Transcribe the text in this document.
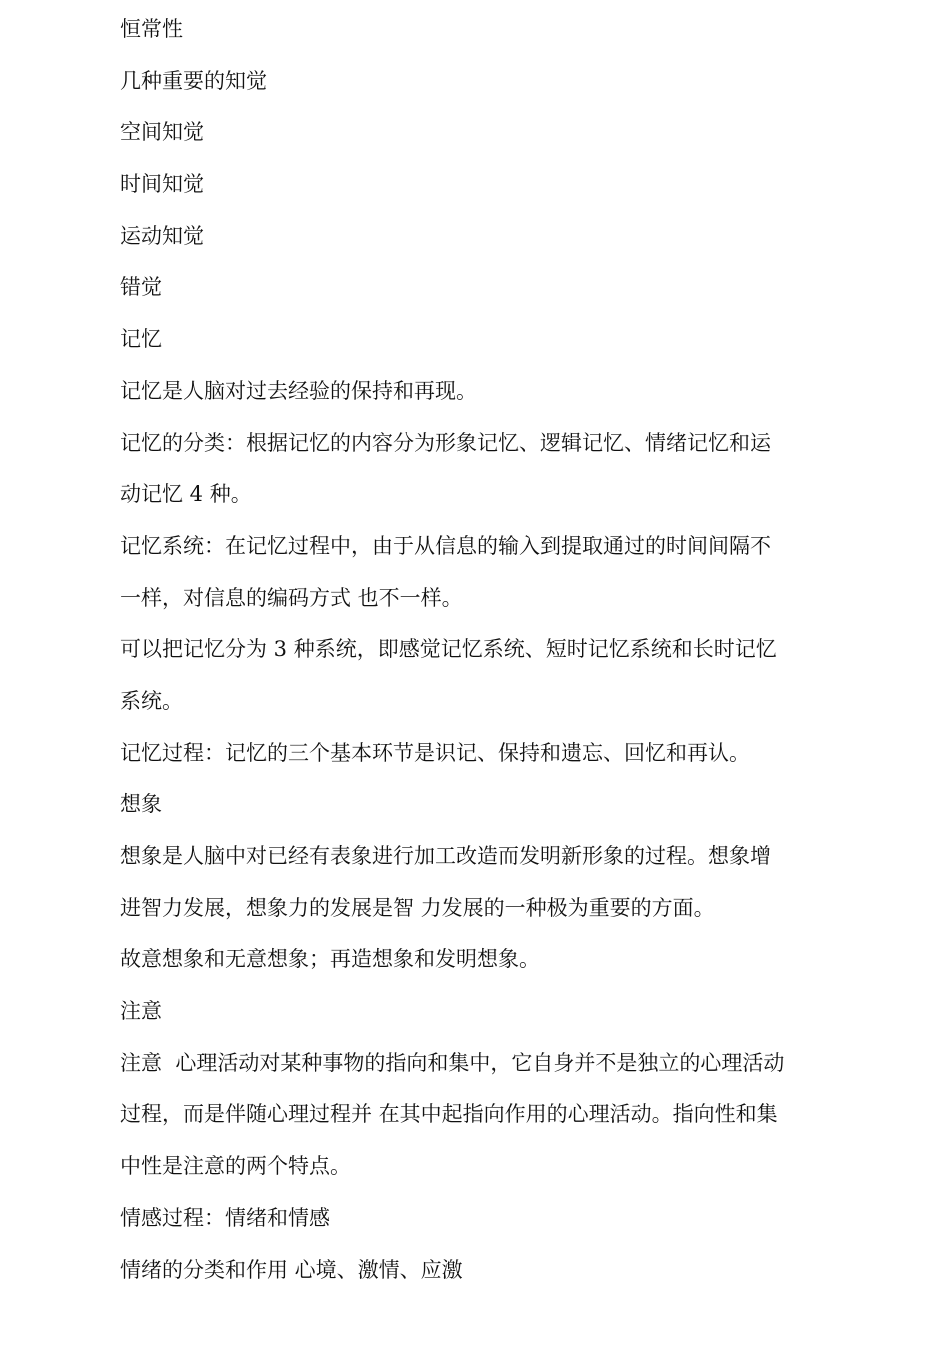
恒常性
几种重要的知觉
空间知觉
时间知觉
运动知觉
错觉
记忆
记忆是人脑对过去经验的保持和再现。
记忆的分类：根据记忆的内容分为形象记忆、逻辑记忆、情绪记忆和运
动记忆 4 种。
记忆系统：在记忆过程中，由于从信息的输入到提取通过的时间间隔不
一样，对信息的编码方式 也不一样。
可以把记忆分为 3 种系统，即感觉记忆系统、短时记忆系统和长时记忆
系统。
记忆过程：记忆的三个基本环节是识记、保持和遗忘、回忆和再认。
想象
想象是人脑中对已经有表象进行加工改造而发明新形象的过程。想象增
进智力发展，想象力的发展是智 力发展的一种极为重要的方面。
故意想象和无意想象；再造想象和发明想象。
注意
注意  心理活动对某种事物的指向和集中，它自身并不是独立的心理活动
过程，而是伴随心理过程并 在其中起指向作用的心理活动。指向性和集
中性是注意的两个特点。
情感过程：情绪和情感
情绪的分类和作用 心境、激情、应激
